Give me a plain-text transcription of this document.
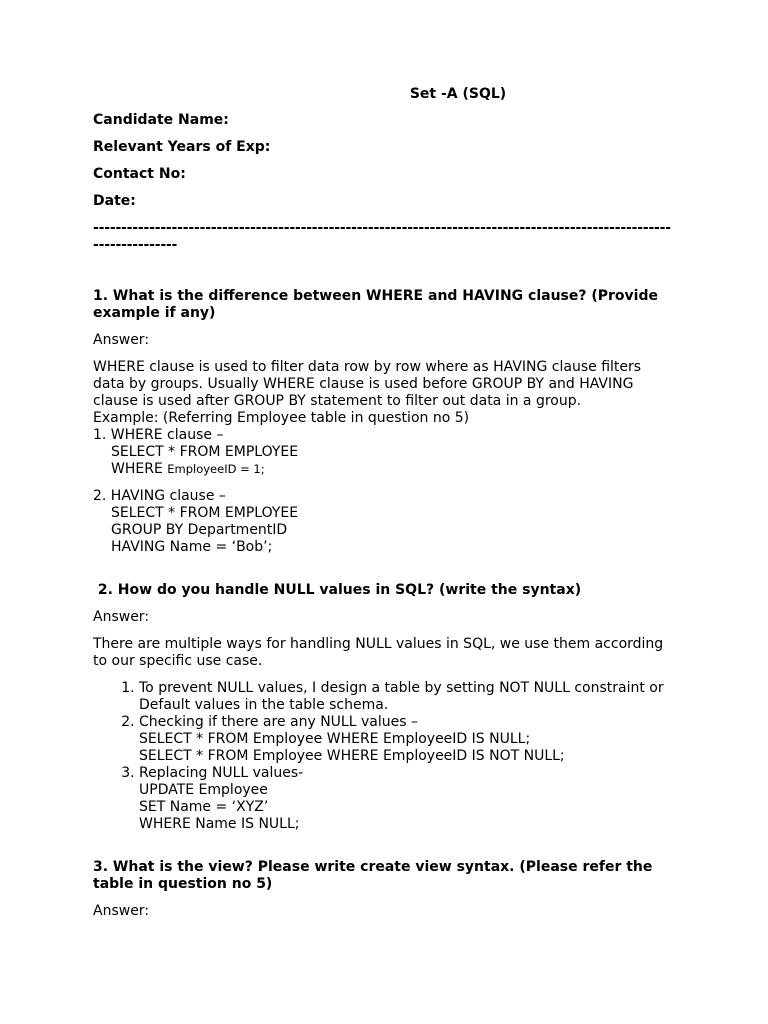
Set -A (SQL)
Candidate Name:
Relevant Years of Exp:
Contact No:
Date:
----------------------------------------------------------------------------------------------------------------------
1. What is the difference between WHERE and HAVING clause? (Provide example if any)
Answer:
WHERE clause is used to filter data row by row where as HAVING clause filters data by groups. Usually WHERE clause is used before GROUP BY and HAVING clause is used after GROUP BY statement to filter out data in a group.
Example: (Referring Employee table in question no 5)
1. WHERE clause –
SELECT * FROM EMPLOYEE
WHERE EmployeeID = 1;
2. HAVING clause –
SELECT * FROM EMPLOYEE
GROUP BY DepartmentID
HAVING Name = ‘Bob’;
2. How do you handle NULL values in SQL? (write the syntax)
Answer:
There are multiple ways for handling NULL values in SQL, we use them according to our specific use case.
1. To prevent NULL values, I design a table by setting NOT NULL constraint or Default values in the table schema.
2. Checking if there are any NULL values –
SELECT * FROM Employee WHERE EmployeeID IS NULL;
SELECT * FROM Employee WHERE EmployeeID IS NOT NULL;
3. Replacing NULL values-
UPDATE Employee
SET Name = ‘XYZ’
WHERE Name IS NULL;
3. What is the view? Please write create view syntax. (Please refer the table in question no 5)
Answer:
